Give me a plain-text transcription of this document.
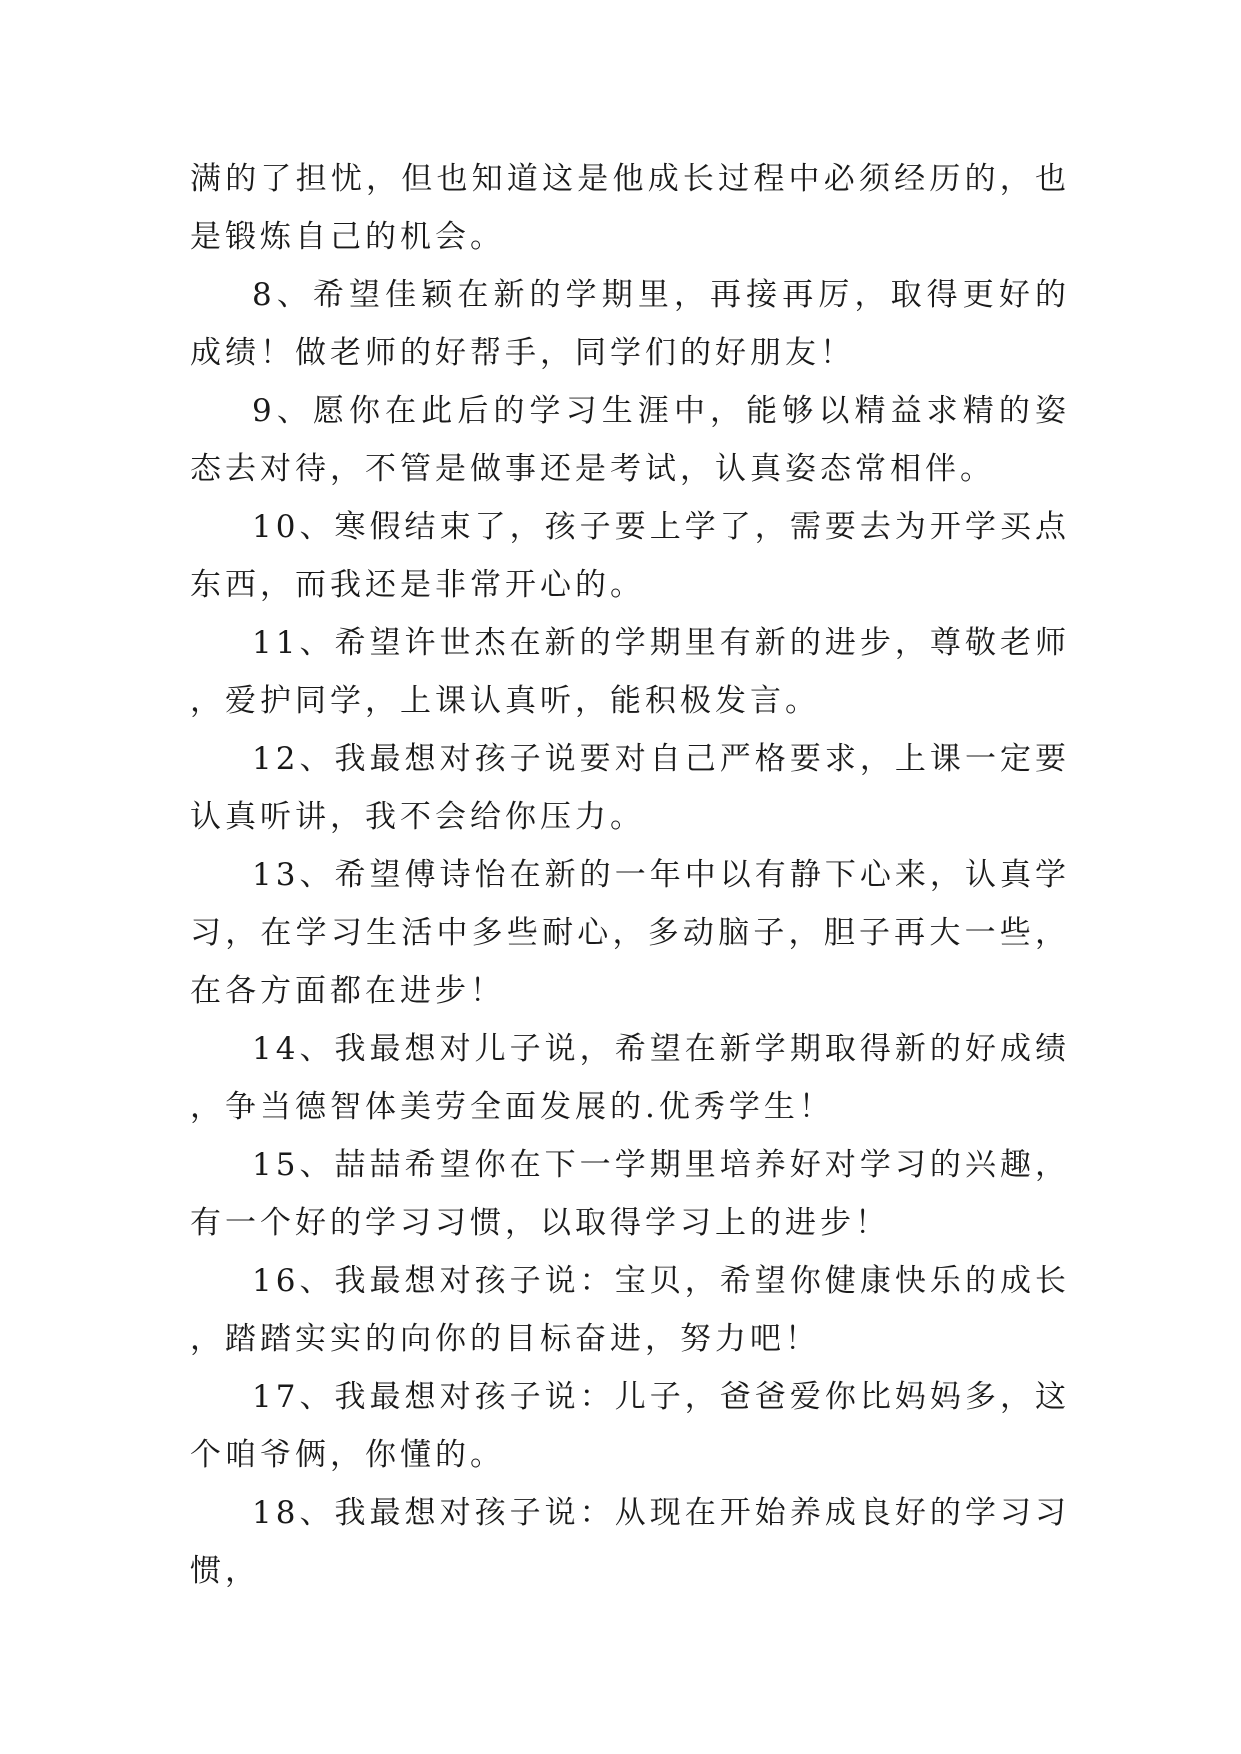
满的了担忧，但也知道这是他成长过程中必须经历的，也是锻炼自己的机会。

8、希望佳颖在新的学期里，再接再厉，取得更好的成绩！做老师的好帮手，同学们的好朋友！

9、愿你在此后的学习生涯中，能够以精益求精的姿态去对待，不管是做事还是考试，认真姿态常相伴。

10、寒假结束了，孩子要上学了，需要去为开学买点东西，而我还是非常开心的。

11、希望许世杰在新的学期里有新的进步，尊敬老师，爱护同学，上课认真听，能积极发言。

12、我最想对孩子说要对自己严格要求，上课一定要认真听讲，我不会给你压力。

13、希望傅诗怡在新的一年中以有静下心来，认真学习，在学习生活中多些耐心，多动脑子，胆子再大一些，在各方面都在进步！

14、我最想对儿子说，希望在新学期取得新的好成绩，争当德智体美劳全面发展的.优秀学生！

15、喆喆希望你在下一学期里培养好对学习的兴趣，有一个好的学习习惯，以取得学习上的进步！

16、我最想对孩子说：宝贝，希望你健康快乐的成长，踏踏实实的向你的目标奋进，努力吧！

17、我最想对孩子说：儿子，爸爸爱你比妈妈多，这个咱爷俩，你懂的。

18、我最想对孩子说：从现在开始养成良好的学习习惯，
